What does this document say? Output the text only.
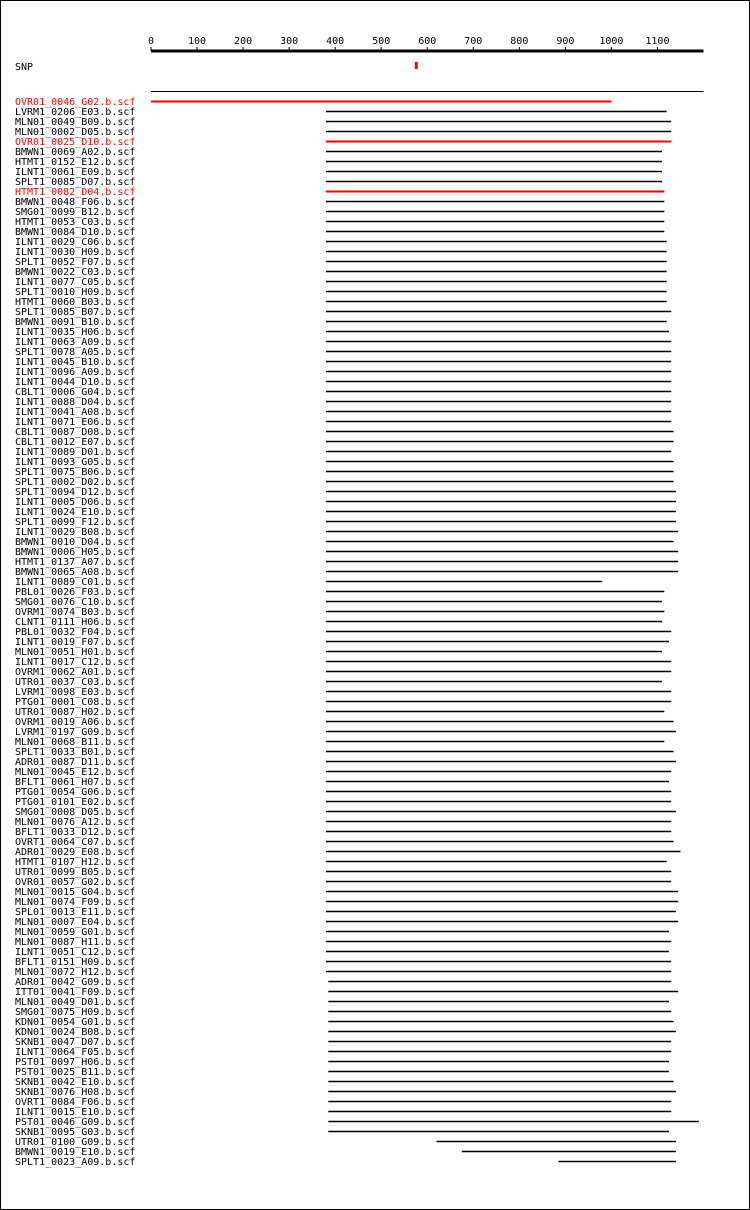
0	100	200	300	400	500	600	700	800	900 1000 1100
SNP
OVR01_0046_G02.b.scf
LVRM1_0206_E03.b.scf
MLN01_0049_B09.b.scf
MLN01_0002_D05.b.scf
OVR01_0025_D10.b.scf
BMWN1_0069_A02.b.scf
HTMT1_0152_E12.b.scf
ILNT1_0061_E09.b.scf
SPLT1_0085_D07.b.scf
HTMT1_0082_D04.b.scf
BMWN1_0048_F06.b.scf
SMG01_0099_B12.b.scf
HTMT1_0053_C03.b.scf
BMWN1_0084_D10.b.scf
ILNT1_0029_C06.b.scf
ILNT1_0030_H09.b.scf
SPLT1_0052_F07.b.scf
BMWN1_0022_C03.b.scf
ILNT1_0077_C05.b.scf
SPLT1_0010_H09.b.scf
HTMT1_0060_B03.b.scf
SPLT1_0085_B07.b.scf
BMWN1_0091_B10.b.scf
ILNT1_0035_H06.b.scf
ILNT1_0063_A09.b.scf
SPLT1_0078_A05.b.scf
ILNT1_0045_B10.b.scf
ILNT1_0096_A09.b.scf
ILNT1_0044_D10.b.scf
CBLT1_0006_G04.b.scf
ILNT1_0088_D04.b.scf
ILNT1_0041_A08.b.scf
ILNT1_0071_E06.b.scf
CBLT1_0087_D08.b.scf
CBLT1_0012_E07.b.scf
ILNT1_0089_D01.b.scf
ILNT1_0093_G05.b.scf
SPLT1_0075_B06.b.scf
SPLT1_0002_D02.b.scf
SPLT1_0094_D12.b.scf
ILNT1_0005_D06.b.scf
ILNT1_0024_E10.b.scf
SPLT1_0099_F12.b.scf
ILNT1_0029_B08.b.scf
BMWN1_0010_D04.b.scf
BMWN1_0006_H05.b.scf
HTMT1_0137_A07.b.scf
BMWN1_0065_A08.b.scf
ILNT1_0089_C01.b.scf
PBL01_0026_F03.b.scf
SMG01_0076_C10.b.scf
OVRM1_0074_B03.b.scf
CLNT1_0111_H06.b.scf
PBL01_0032_F04.b.scf
ILNT1_0019_F07.b.scf
MLN01_0051_H01.b.scf
ILNT1_0017_C12.b.scf
OVRM1_0062_A01.b.scf
UTR01_0037_C03.b.scf
LVRM1_0098_E03.b.scf
PTG01_0001_C08.b.scf
UTR01_0087_H02.b.scf
OVRM1_0019_A06.b.scf
LVRM1_0197_G09.b.scf
MLN01_0068_B11.b.scf
SPLT1_0033_B01.b.scf
ADR01_0087_D11.b.scf
MLN01_0045_E12.b.scf
BFLT1_0061_H07.b.scf
PTG01_0054_G06.b.scf
PTG01_0101_E02.b.scf
SMG01_0008_D05.b.scf
MLN01_0076_A12.b.scf
BFLT1_0033_D12.b.scf
OVRT1_0064_C07.b.scf
ADR01_0029_E08.b.scf
HTMT1_0107_H12.b.scf
UTR01_0099_B05.b.scf
OVR01_0057_G02.b.scf
MLN01_0015_G04.b.scf
MLN01_0074_F09.b.scf
SPL01_0013_E11.b.scf
MLN01_0007_E04.b.scf
MLN01_0059_G01.b.scf
MLN01_0087_H11.b.scf
ILNT1_0051_C12.b.scf
BFLT1_0151_H09.b.scf
MLN01_0072_H12.b.scf
ADR01_0042_G09.b.scf
ITT01_0041_F09.b.scf
MLN01_0049_D01.b.scf
SMG01_0075_H09.b.scf
KDN01_0054_G01.b.scf
KDN01_0024_B08.b.scf
SKNB1_0047_D07.b.scf
ILNT1_0064_F05.b.scf
PST01_0097_H06.b.scf
PST01_0025_B11.b.scf
SKNB1_0042_E10.b.scf
SKNB1_0076_H08.b.scf
OVRT1_0084_F06.b.scf
ILNT1_0015_E10.b.scf
PST01_0046_G09.b.scf
SKNB1_0095_G03.b.scf
UTR01_0100_G09.b.scf
BMWN1_0019_E10.b.scf
SPLT1_0023_A09.b.scf
